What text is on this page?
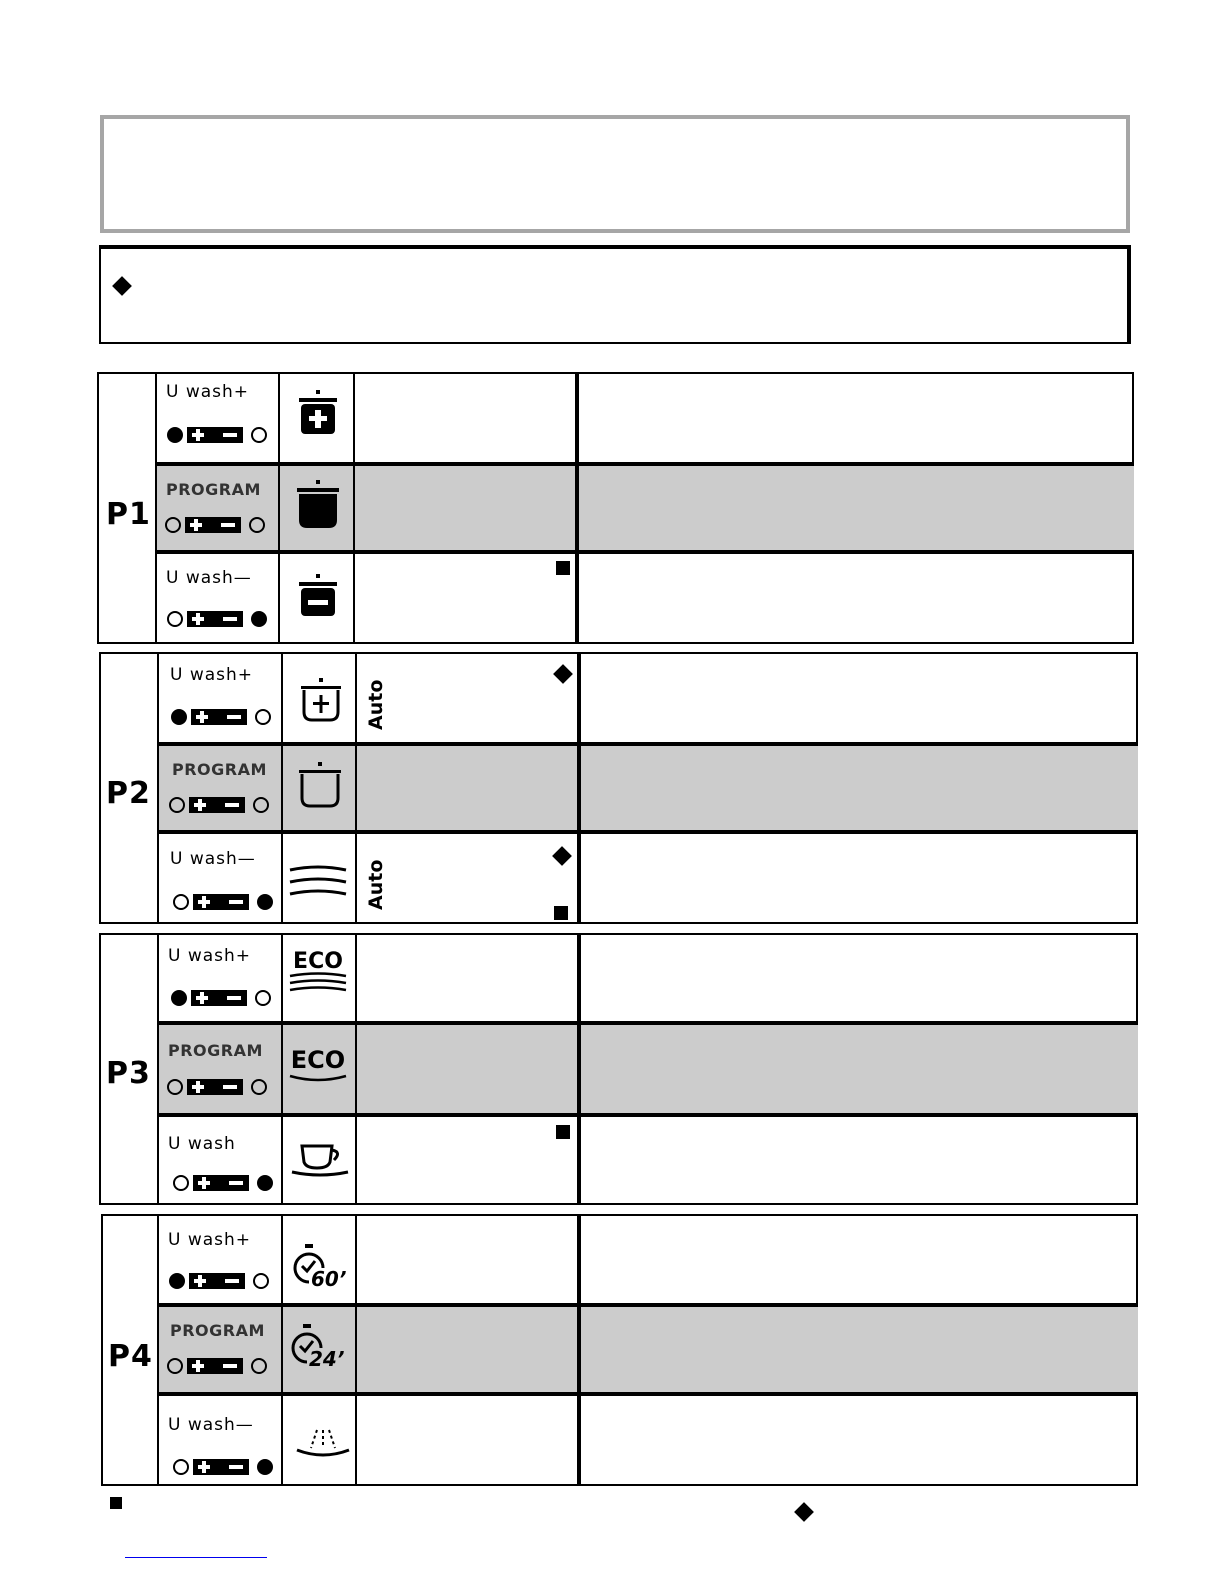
P1
U wash+
PROGRAM
U wash—
P2
U wash+
Auto
PROGRAM
U wash—
Auto
P3
U wash+ ECO
PROGRAM ECO
U wash
P4
U wash+
60’
PROGRAM
24’
U wash—
